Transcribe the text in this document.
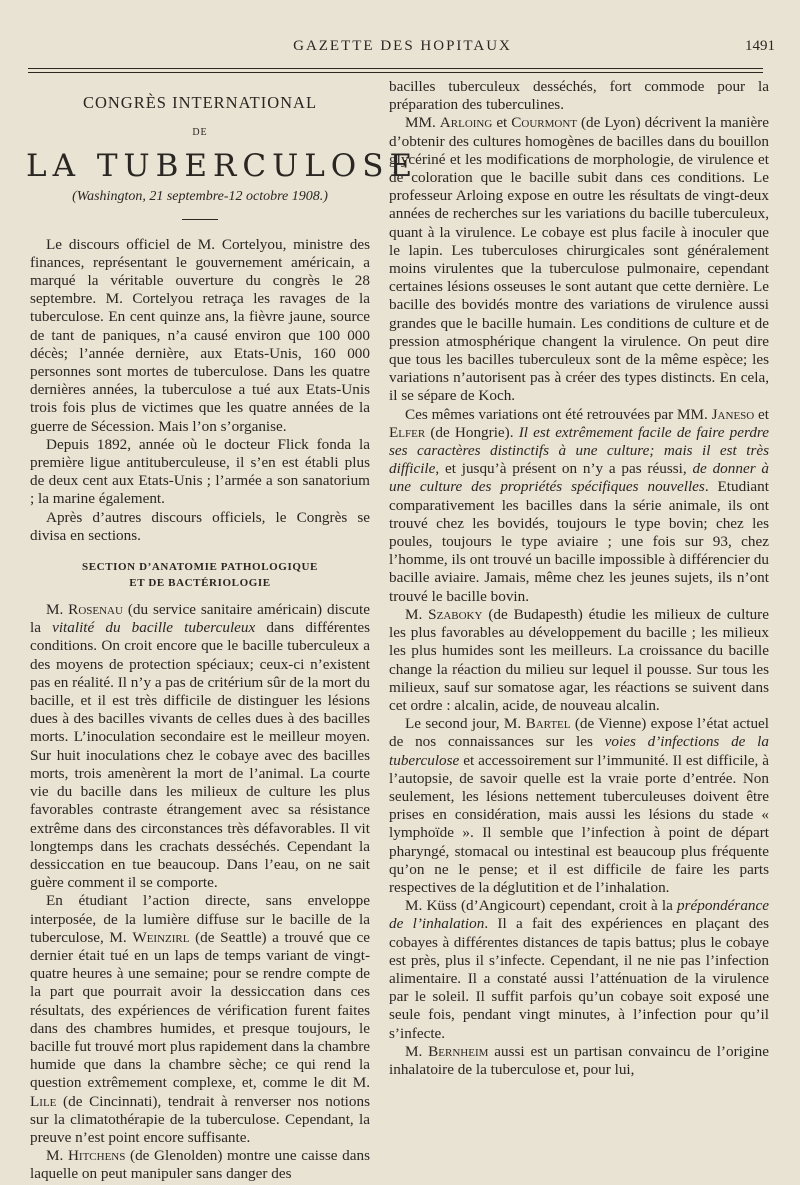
GAZETTE DES HOPITAUX	1491
CONGRÈS INTERNATIONAL
DE
LA TUBERCULOSE
(Washington, 21 septembre-12 octobre 1908.)

Le discours officiel de M. Cortelyou, ministre des finances, représentant le gouvernement américain, a marqué la véritable ouverture du congrès le 28 septembre. M. Cortelyou retraça les ravages de la tuberculose. En cent quinze ans, la fièvre jaune, source de tant de paniques, n’a causé environ que 100 000 décès; l’année dernière, aux Etats-Unis, 160 000 personnes sont mortes de tuberculose. Dans les quatre dernières années, la tuberculose a tué aux Etats-Unis trois fois plus de victimes que les quatre années de la guerre de Sécession. Mais l’on s’organise.

Depuis 1892, année où le docteur Flick fonda la première ligue antituberculeuse, il s’en est établi plus de deux cent aux Etats-Unis ; l’armée a son sanatorium ; la marine également.

Après d’autres discours officiels, le Congrès se divisa en sections.

SECTION D’ANATOMIE PATHOLOGIQUE
ET DE BACTÉRIOLOGIE

M. Rosenau (du service sanitaire américain) discute la vitalité du bacille tuberculeux dans différentes conditions. On croit encore que le bacille tuberculeux a des moyens de protection spéciaux; ceux-ci n’existent pas en réalité. Il n’y a pas de critérium sûr de la mort du bacille, et il est très difficile de distinguer les lésions dues à des bacilles vivants de celles dues à des bacilles morts. L’inoculation secondaire est le meilleur moyen. Sur huit inoculations chez le cobaye avec des bacilles morts, trois amenèrent la mort de l’animal. La courte vie du bacille dans les milieux de culture les plus favorables contraste étrangement avec sa résistance extrême dans des circonstances très défavorables. Il vit longtemps dans les crachats desséchés. Cependant la dessiccation en tue beaucoup. Dans l’eau, on ne sait guère comment il se comporte.

En étudiant l’action directe, sans enveloppe interposée, de la lumière diffuse sur le bacille de la tuberculose, M. Weinzirl (de Seattle) a trouvé que ce dernier était tué en un laps de temps variant de vingt-quatre heures à une semaine; pour se rendre compte de la part que pourrait avoir la dessiccation dans ces résultats, des expériences de vérification furent faites dans des chambres humides, et presque toujours, le bacille fut trouvé mort plus rapidement dans la chambre humide que dans la chambre sèche; ce qui rend la question extrêmement complexe, et, comme le dit M. Lile (de Cincinnati), tendrait à renverser nos notions sur la climatothérapie de la tuberculose. Cependant, la preuve n’est point encore suffisante.

M. Hitchens (de Glenolden) montre une caisse dans laquelle on peut manipuler sans danger des

bacilles tuberculeux desséchés, fort commode pour la préparation des tuberculines.

MM. Arloing et Courmont (de Lyon) décrivent la manière d’obtenir des cultures homogènes de bacilles dans du bouillon glycériné et les modifications de morphologie, de virulence et de coloration que le bacille subit dans ces conditions. Le professeur Arloing expose en outre les résultats de vingt-deux années de recherches sur les variations du bacille tuberculeux, quant à la virulence. Le cobaye est plus facile à inoculer que le lapin. Les tuberculoses chirurgicales sont généralement moins virulentes que la tuberculose pulmonaire, cependant certaines lésions osseuses le sont autant que cette dernière. Le bacille des bovidés montre des variations de virulence aussi grandes que le bacille humain. Les conditions de culture et de pression atmosphérique changent la virulence. On peut dire que tous les bacilles tuberculeux sont de la même espèce; les variations n’autorisent pas à créer des types distincts. En cela, il se sépare de Koch.

Ces mêmes variations ont été retrouvées par MM. Janeso et Elfer (de Hongrie). Il est extrêmement facile de faire perdre ses caractères distinctifs à une culture; mais il est très difficile, et jusqu’à présent on n’y a pas réussi, de donner à une culture des propriétés spécifiques nouvelles. Etudiant comparativement les bacilles dans la série animale, ils ont trouvé chez les bovidés, toujours le type bovin; chez les poules, toujours le type aviaire ; une fois sur 93, chez l’homme, ils ont trouvé un bacille impossible à différencier du bacille aviaire. Jamais, même chez les jeunes sujets, ils n’ont trouvé le bacille bovin.

M. Szaboky (de Budapesth) étudie les milieux de culture les plus favorables au développement du bacille ; les milieux les plus humides sont les meilleurs. La croissance du bacille change la réaction du milieu sur lequel il pousse. Sur tous les milieux, sauf sur somatose agar, les réactions se suivent dans cet ordre : alcalin, acide, de nouveau alcalin.

Le second jour, M. Bartel (de Vienne) expose l’état actuel de nos connaissances sur les voies d’infections de la tuberculose et accessoirement sur l’immunité. Il est difficile, à l’autopsie, de savoir quelle est la vraie porte d’entrée. Non seulement, les lésions nettement tuberculeuses doivent être prises en considération, mais aussi les lésions du stade « lymphoïde ». Il semble que l’infection à point de départ pharyngé, stomacal ou intestinal est beaucoup plus fréquente qu’on ne le pense; et il est difficile de faire les parts respectives de la déglutition et de l’inhalation.

M. Küss (d’Angicourt) cependant, croit à la prépondérance de l’inhalation. Il a fait des expériences en plaçant des cobayes à différentes distances de tapis battus; plus le cobaye est près, plus il s’infecte. Cependant, il ne nie pas l’infection alimentaire. Il a constaté aussi l’atténuation de la virulence par le soleil. Il suffit parfois qu’un cobaye soit exposé une seule fois, pendant vingt minutes, à l’infection pour qu’il s’infecte.

M. Bernheim aussi est un partisan convaincu de l’origine inhalatoire de la tuberculose et, pour lui,
